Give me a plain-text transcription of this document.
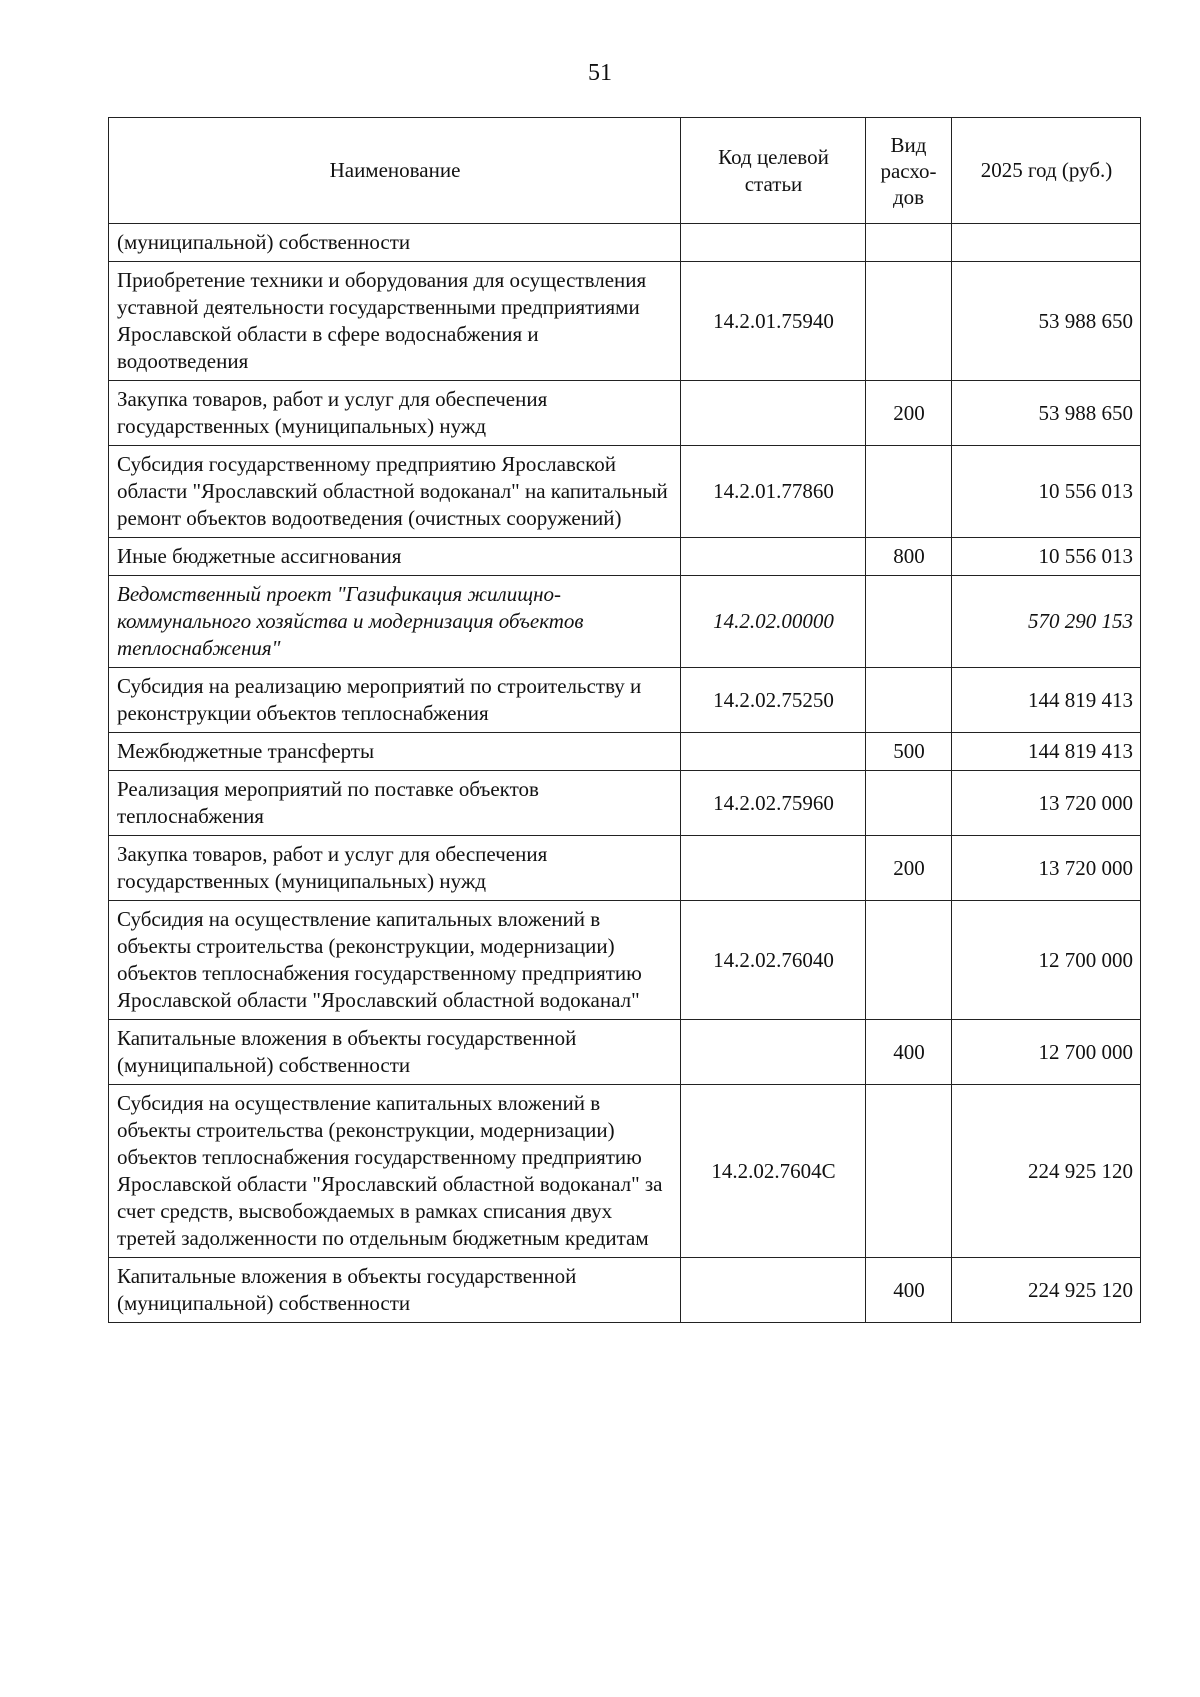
51
Наименование	Код целевой статьи	Вид расхо-дов	2025 год (руб.)
(муниципальной) собственности			
Приобретение техники и оборудования для осуществления уставной деятельности государственными предприятиями Ярославской области в сфере водоснабжения и водоотведения	14.2.01.75940		53 988 650
Закупка товаров, работ и услуг для обеспечения государственных (муниципальных) нужд		200	53 988 650
Субсидия государственному предприятию Ярославской области "Ярославский областной водоканал" на капитальный ремонт объектов водоотведения (очистных сооружений)	14.2.01.77860		10 556 013
Иные бюджетные ассигнования		800	10 556 013
Ведомственный проект "Газификация жилищно-коммунального хозяйства и модернизация объектов теплоснабжения"	14.2.02.00000		570 290 153
Субсидия на реализацию мероприятий по строительству и реконструкции объектов теплоснабжения	14.2.02.75250		144 819 413
Межбюджетные трансферты		500	144 819 413
Реализация мероприятий по поставке объектов теплоснабжения	14.2.02.75960		13 720 000
Закупка товаров, работ и услуг для обеспечения государственных (муниципальных) нужд		200	13 720 000
Субсидия на осуществление капитальных вложений в объекты строительства (реконструкции, модернизации) объектов теплоснабжения государственному предприятию Ярославской области "Ярославский областной водоканал"	14.2.02.76040		12 700 000
Капитальные вложения в объекты государственной (муниципальной) собственности		400	12 700 000
Субсидия на осуществление капитальных вложений в объекты строительства (реконструкции, модернизации) объектов теплоснабжения государственному предприятию Ярославской области "Ярославский областной водоканал" за счет средств, высвобождаемых в рамках списания двух третей задолженности по отдельным бюджетным кредитам	14.2.02.7604С		224 925 120
Капитальные вложения в объекты государственной (муниципальной) собственности		400	224 925 120
